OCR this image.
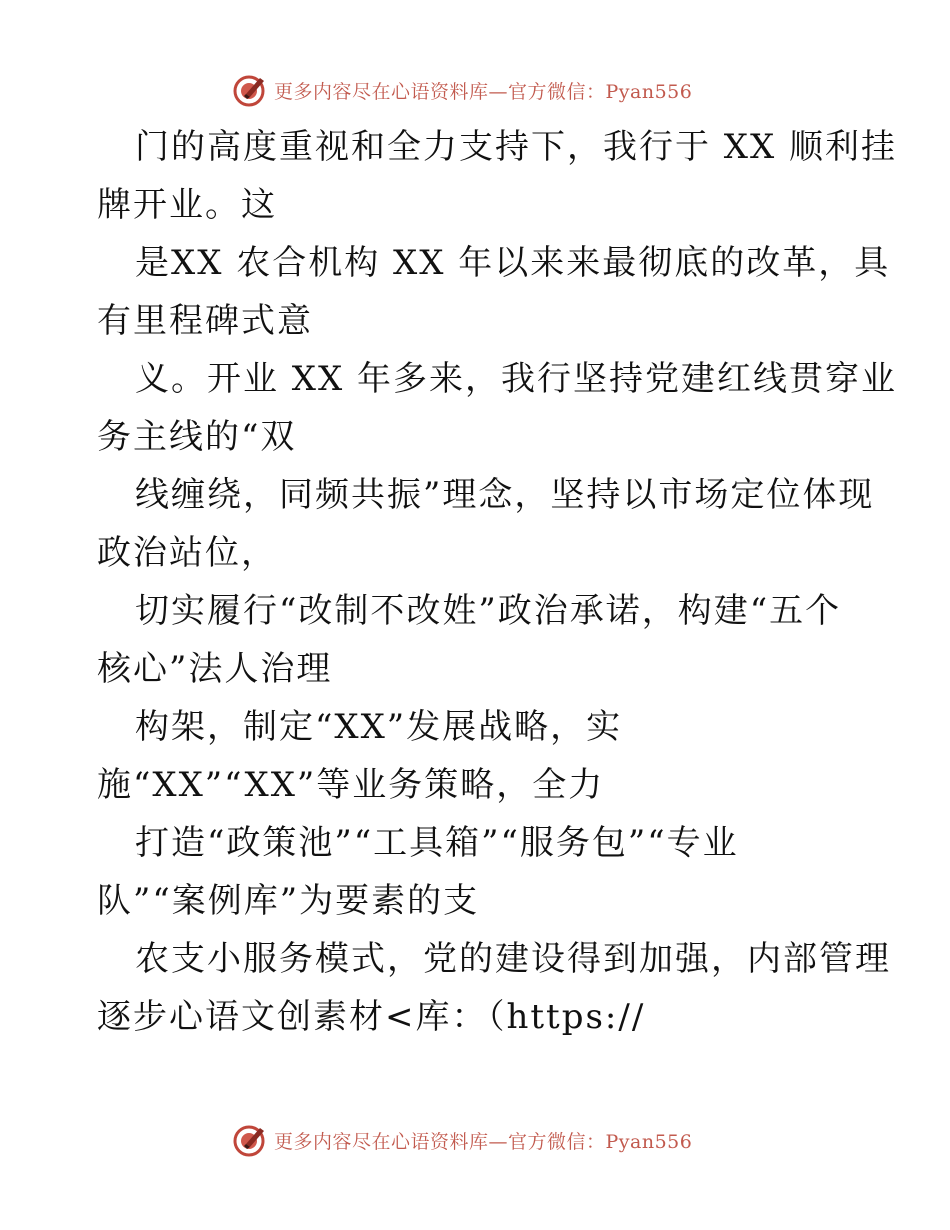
更多内容尽在心语资料库—官方微信：Pyan556
门的高度重视和全力支持下，我行于 XX 顺利挂
牌开业。这
是XX 农合机构 XX 年以来来最彻底的改革，具
有里程碑式意
义。开业 XX 年多来，我行坚持党建红线贯穿业
务主线的“双
线缠绕，同频共振”理念，坚持以市场定位体现
政治站位，
切实履行“改制不改姓”政治承诺，构建“五个
核心”法人治理
构架，制定“XX”发展战略，实
施“XX”“XX”等业务策略，全力
打造“政策池”“工具箱”“服务包”“专业
队”“案例库”为要素的支
农支小服务模式，党的建设得到加强，内部管理
逐步心语文创素材<库：（https://
更多内容尽在心语资料库—官方微信：Pyan556
